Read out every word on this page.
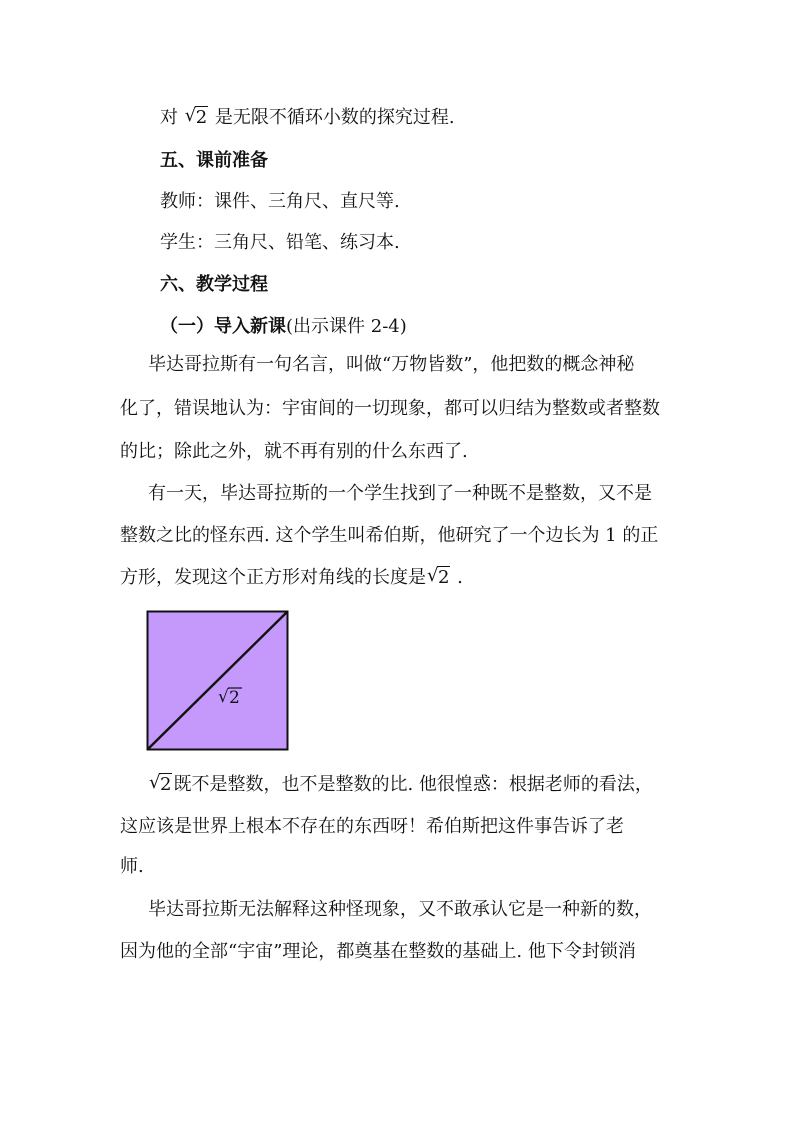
对 √ 2 是无限不循环小数的探究过程.
五、课前准备
教师：课件、三角尺、直尺等.
学生：三角尺、铅笔、练习本.
六、教学过程
（一）导入新课(出示课件 2-4)
毕达哥拉斯有一句名言，叫做“万物皆数”，他把数的概念神秘
化了，错误地认为：宇宙间的一切现象，都可以归结为整数或者整数
的比；除此之外，就不再有别的什么东西了.
有一天，毕达哥拉斯的一个学生找到了一种既不是整数，又不是
整数之比的怪东西. 这个学生叫希伯斯，他研究了一个边长为 1 的正
方形，发现这个正方形对角线的长度是 √ 2 .
√ 2
√ 2 既不是整数，也不是整数的比. 他很惶惑：根据老师的看法，
这应该是世界上根本不存在的东西呀！希伯斯把这件事告诉了老
师.
毕达哥拉斯无法解释这种怪现象，又不敢承认它是一种新的数，
因为他的全部“宇宙”理论，都奠基在整数的基础上. 他下令封锁消
